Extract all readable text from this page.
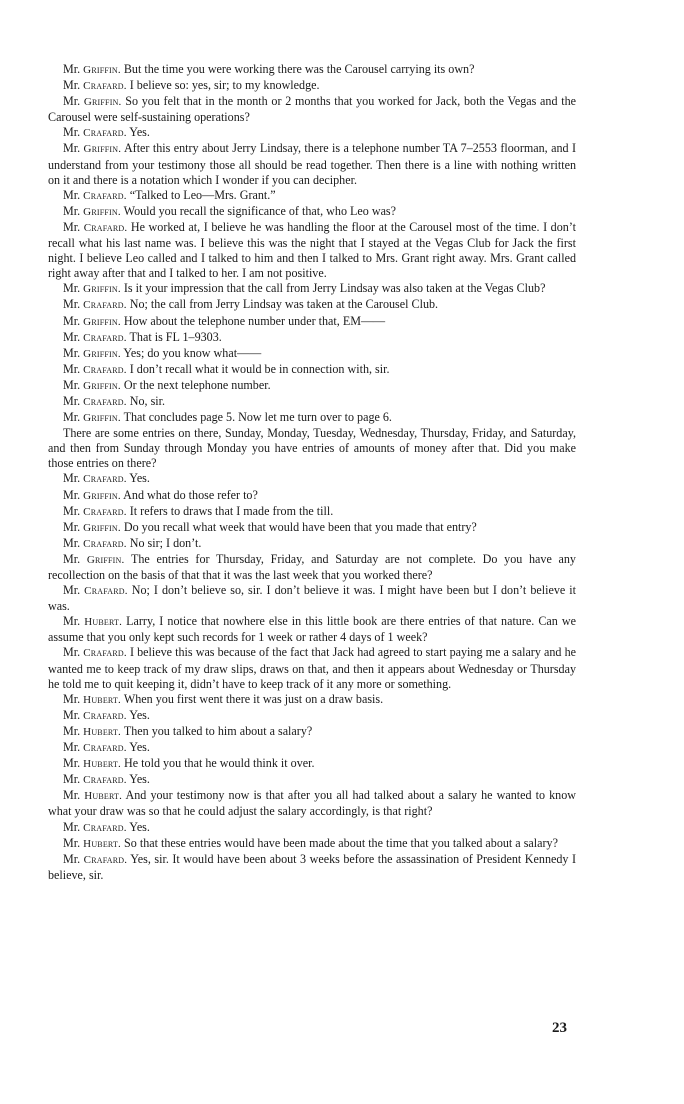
Mr. Griffin. But the time you were working there was the Carousel carrying its own?

Mr. Crafard. I believe so: yes, sir; to my knowledge.

Mr. Griffin. So you felt that in the month or 2 months that you worked for Jack, both the Vegas and the Carousel were self-sustaining operations?

Mr. Crafard. Yes.

Mr. Griffin. After this entry about Jerry Lindsay, there is a telephone number TA 7–2553 floorman, and I understand from your testimony those all should be read together. Then there is a line with nothing written on it and there is a notation which I wonder if you can decipher.

Mr. Crafard. “Talked to Leo—Mrs. Grant.”

Mr. Griffin. Would you recall the significance of that, who Leo was?

Mr. Crafard. He worked at, I believe he was handling the floor at the Carousel most of the time. I don’t recall what his last name was. I believe this was the night that I stayed at the Vegas Club for Jack the first night. I believe Leo called and I talked to him and then I talked to Mrs. Grant right away. Mrs. Grant called right away after that and I talked to her. I am not positive.

Mr. Griffin. Is it your impression that the call from Jerry Lindsay was also taken at the Vegas Club?

Mr. Crafard. No; the call from Jerry Lindsay was taken at the Carousel Club.

Mr. Griffin. How about the telephone number under that, EM——

Mr. Crafard. That is FL 1–9303.

Mr. Griffin. Yes; do you know what——

Mr. Crafard. I don’t recall what it would be in connection with, sir.

Mr. Griffin. Or the next telephone number.

Mr. Crafard. No, sir.

Mr. Griffin. That concludes page 5. Now let me turn over to page 6.

There are some entries on there, Sunday, Monday, Tuesday, Wednesday, Thursday, Friday, and Saturday, and then from Sunday through Monday you have entries of amounts of money after that. Did you make those entries on there?

Mr. Crafard. Yes.

Mr. Griffin. And what do those refer to?

Mr. Crafard. It refers to draws that I made from the till.

Mr. Griffin. Do you recall what week that would have been that you made that entry?

Mr. Crafard. No sir; I don’t.

Mr. Griffin. The entries for Thursday, Friday, and Saturday are not complete. Do you have any recollection on the basis of that that it was the last week that you worked there?

Mr. Crafard. No; I don’t believe so, sir. I don’t believe it was. I might have been but I don’t believe it was.

Mr. Hubert. Larry, I notice that nowhere else in this little book are there entries of that nature. Can we assume that you only kept such records for 1 week or rather 4 days of 1 week?

Mr. Crafard. I believe this was because of the fact that Jack had agreed to start paying me a salary and he wanted me to keep track of my draw slips, draws on that, and then it appears about Wednesday or Thursday he told me to quit keeping it, didn’t have to keep track of it any more or something.

Mr. Hubert. When you first went there it was just on a draw basis.

Mr. Crafard. Yes.

Mr. Hubert. Then you talked to him about a salary?

Mr. Crafard. Yes.

Mr. Hubert. He told you that he would think it over.

Mr. Crafard. Yes.

Mr. Hubert. And your testimony now is that after you all had talked about a salary he wanted to know what your draw was so that he could adjust the salary accordingly, is that right?

Mr. Crafard. Yes.

Mr. Hubert. So that these entries would have been made about the time that you talked about a salary?

Mr. Crafard. Yes, sir. It would have been about 3 weeks before the assassination of President Kennedy I believe, sir.

23
